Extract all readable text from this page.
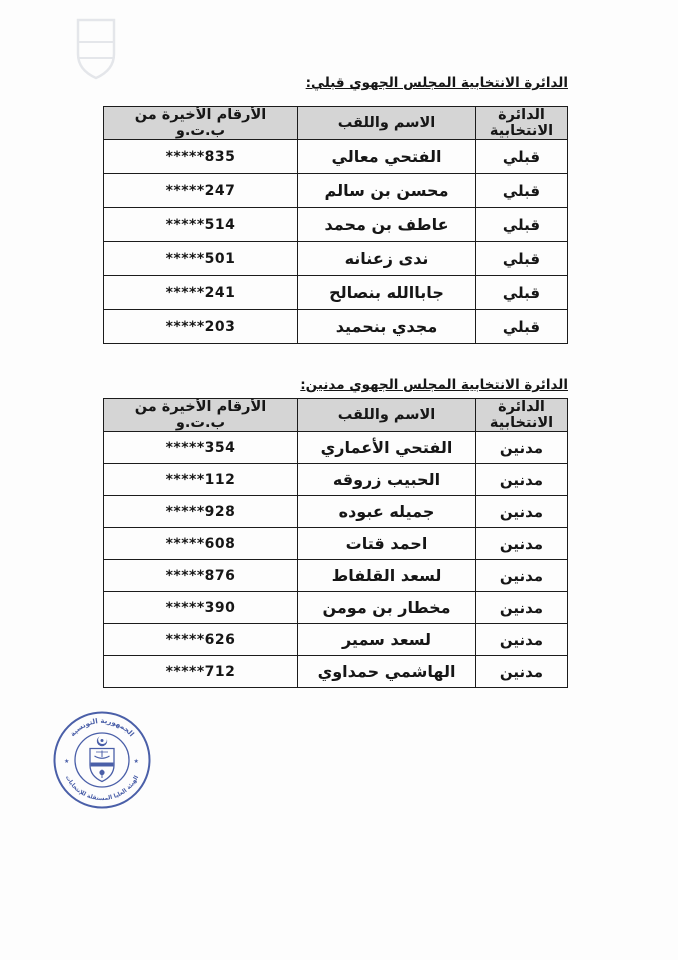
الدائرة الانتخابية المجلس الجهوي قبلي:
الدائرة الانتخابية	الاسم واللقب	الأرقام الأخيرة من ب.ت.و
قبلي	الفتحي معالي	*****835
قبلي	محسن بن سالم	*****247
قبلي	عاطف بن محمد	*****514
قبلي	ندى زعنانه	*****501
قبلي	جاباالله بنصالح	*****241
قبلي	مجدي بنحميد	*****203
الدائرة الانتخابية المجلس الجهوي مدنين:
الدائرة الانتخابية	الاسم واللقب	الأرقام الأخيرة من ب.ت.و
مدنين	الفتحي الأعماري	*****354
مدنين	الحبيب زروقه	*****112
مدنين	جميله عبوده	*****928
مدنين	احمد قتات	*****608
مدنين	لسعد القلفاط	*****876
مدنين	مخطار بن مومن	*****390
مدنين	لسعد سمير	*****626
مدنين	الهاشمي حمداوي	*****712
الجمهورية التونسية
الهيئة العليا المستقلة للإنتخابات
★	★
